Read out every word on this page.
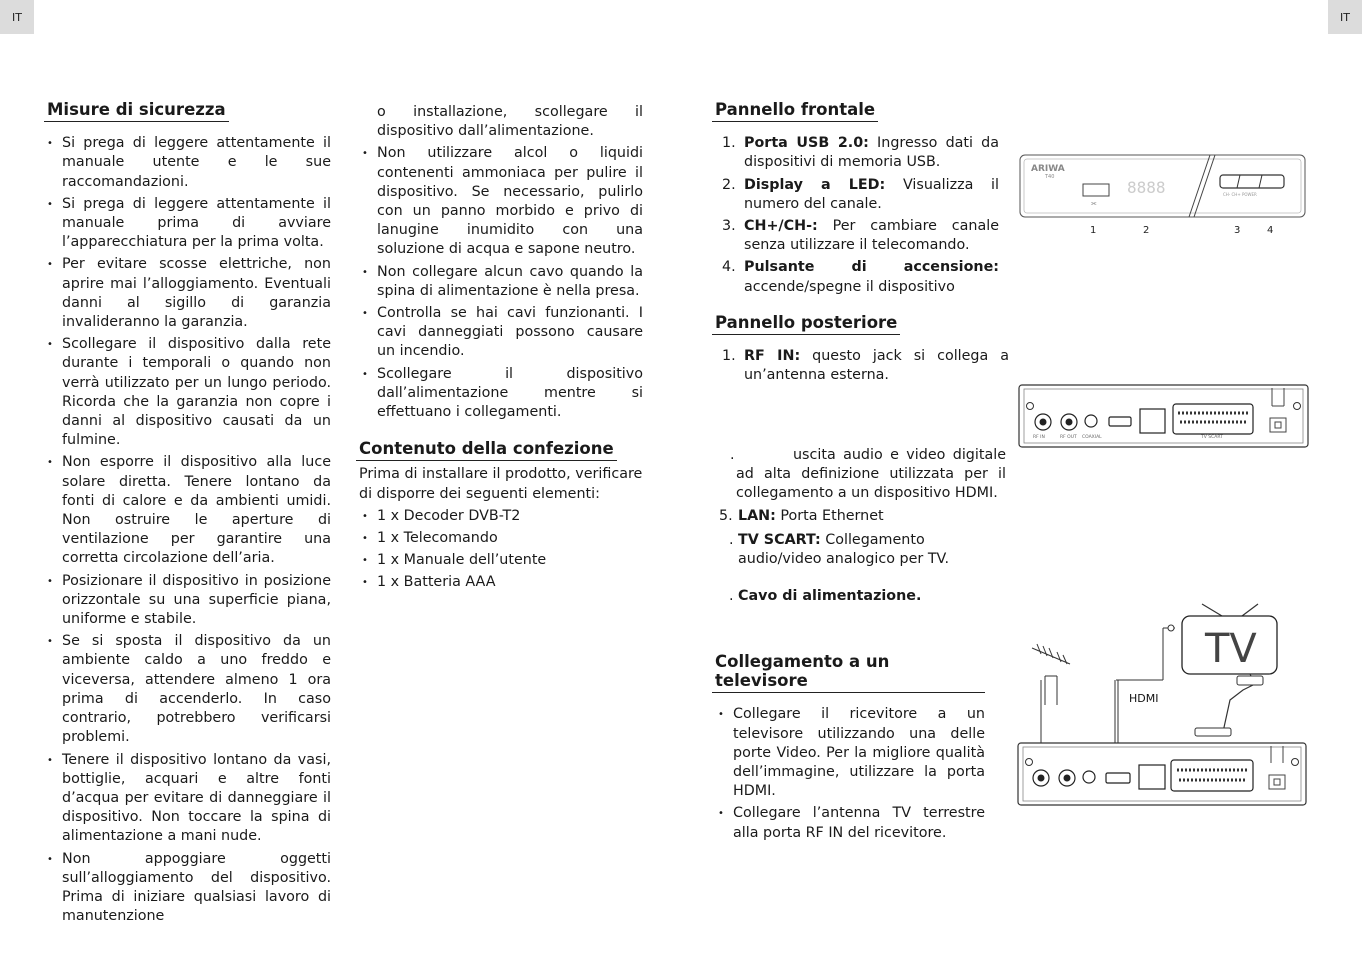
IT	IT
Misure di sicurezza
• Si prega di leggere attentamente il manuale utente e le sue raccomandazioni.
• Si prega di leggere attentamente il manuale prima di avviare l’apparecchiatura per la prima volta.
• Per evitare scosse elettriche, non aprire mai l’alloggiamento. Eventuali danni al sigillo di garanzia invalideranno la garanzia.
• Scollegare il dispositivo dalla rete durante i temporali o quando non verrà utilizzato per un lungo periodo. Ricorda che la garanzia non copre i danni al dispositivo causati da un fulmine.
• Non esporre il dispositivo alla luce solare diretta. Tenere lontano da fonti di calore e da ambienti umidi. Non ostruire le aperture di ventilazione per garantire una corretta circolazione dell’aria.
• Posizionare il dispositivo in posizione orizzontale su una superficie piana, uniforme e stabile.
• Se si sposta il dispositivo da un ambiente caldo a uno freddo e viceversa, attendere almeno 1 ora prima di accenderlo. In caso contrario, potrebbero verificarsi problemi.
• Tenere il dispositivo lontano da vasi, bottiglie, acquari e altre fonti d’acqua per evitare di danneggiare il dispositivo. Non toccare la spina di alimentazione a mani nude.
• Non appoggiare oggetti sull’alloggiamento del dispositivo. Prima di iniziare qualsiasi lavoro di manutenzione

o installazione, scollegare il dispositivo dall’alimentazione.

• Non utilizzare alcol o liquidi contenenti ammoniaca per pulire il dispositivo. Se necessario, pulirlo con un panno morbido e privo di lanugine inumidito con una soluzione di acqua e sapone neutro.
• Non collegare alcun cavo quando la spina di alimentazione è nella presa.
• Controlla se hai cavi funzionanti. I cavi danneggiati possono causare un incendio.
• Scollegare il dispositivo dall’alimentazione mentre si effettuano i collegamenti.
Contenuto della confezione

Prima di installare il prodotto, verificare di disporre dei seguenti elementi:

• 1 x Decoder DVB-T2
• 1 x Telecomando
• 1 x Manuale dell’utente
• 1 x Batteria AAA
Pannello frontale
1. Porta USB 2.0: Ingresso dati da dispositivi di memoria USB.
2. Display a LED: Visualizza il numero del canale.
3. CH+/CH-: Per cambiare canale senza utilizzare il telecomando.
4. Pulsante di accensione: accende/spegne il dispositivo
Pannello posteriore
1. RF IN: questo jack si collega a un’antenna esterna.
.	uscita audio e video digitale ad alta definizione utilizzata per il collegamento a un dispositivo HDMI.
5. LAN: Porta Ethernet
. TV SCART: Collegamento audio/video analogico per TV.
. Cavo di alimentazione.
Collegamento a un televisore
• Collegare il ricevitore a un televisore utilizzando una delle porte Video. Per la migliore qualità dell’immagine, utilizzare la porta HDMI.
• Collegare l’antenna TV terrestre alla porta RF IN del ricevitore.
ARIWA
T40
⫘
8888	CH- CH+ POWER
1	2	3	4
RF IN	RF OUT COAXIAL	TV SCART
TV
HDMI
